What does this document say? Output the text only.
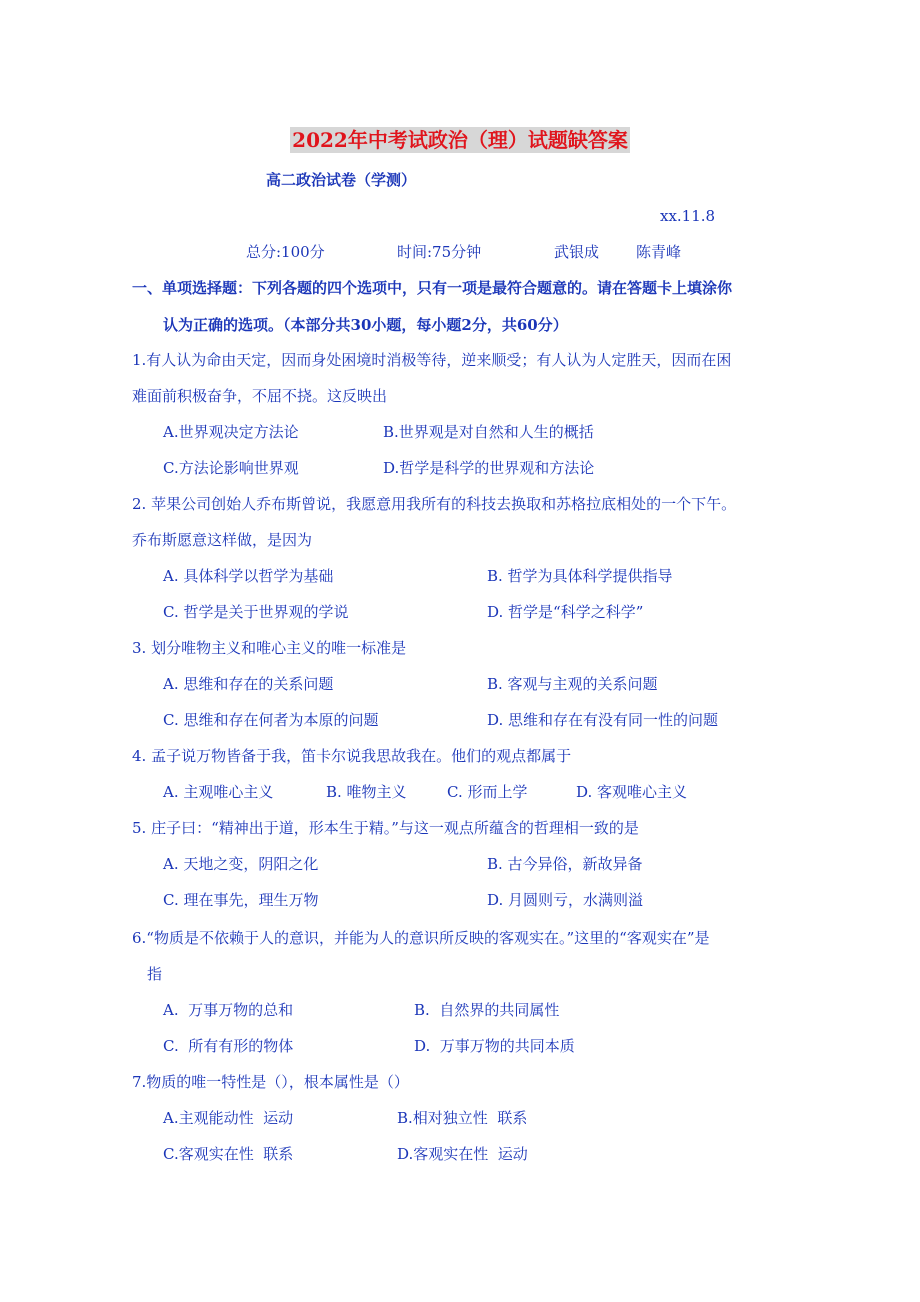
2022年中考试政治（理）试题缺答案
高二政治试卷（学测）
xx.11.8
总分:100分	时间:75分钟	武银成 陈青峰
一、单项选择题：下列各题的四个选项中，只有一项是最符合题意的。请在答题卡上填涂你
认为正确的选项。（本部分共30小题，每小题2分，共60分）
1.有人认为命由天定，因而身处困境时消极等待，逆来顺受；有人认为人定胜天，因而在困
难面前积极奋争，不屈不挠。这反映出
A.世界观决定方法论	B.世界观是对自然和人生的概括
C.方法论影响世界观	D.哲学是科学的世界观和方法论
2. 苹果公司创始人乔布斯曾说，我愿意用我所有的科技去换取和苏格拉底相处的一个下午。
乔布斯愿意这样做，是因为
A. 具体科学以哲学为基础	B. 哲学为具体科学提供指导
C. 哲学是关于世界观的学说	D. 哲学是“科学之科学”
3. 划分唯物主义和唯心主义的唯一标准是
A. 思维和存在的关系问题	B. 客观与主观的关系问题
C. 思维和存在何者为本原的问题	D. 思维和存在有没有同一性的问题
4. 孟子说万物皆备于我，笛卡尔说我思故我在。他们的观点都属于
A. 主观唯心主义	B. 唯物主义	C. 形而上学	D. 客观唯心主义
5. 庄子曰：“精神出于道，形本生于精。”与这一观点所蕴含的哲理相一致的是
A. 天地之变，阴阳之化	B. 古今异俗，新故异备
C. 理在事先，理生万物	D. 月圆则亏，水满则溢
6.“物质是不依赖于人的意识，并能为人的意识所反映的客观实在。”这里的“客观实在”是
指
A.  万事万物的总和	B.  自然界的共同属性
C.  所有有形的物体	D.  万事万物的共同本质
7.物质的唯一特性是（），根本属性是（）
A.主观能动性  运动	B.相对独立性  联系
C.客观实在性  联系	D.客观实在性  运动
